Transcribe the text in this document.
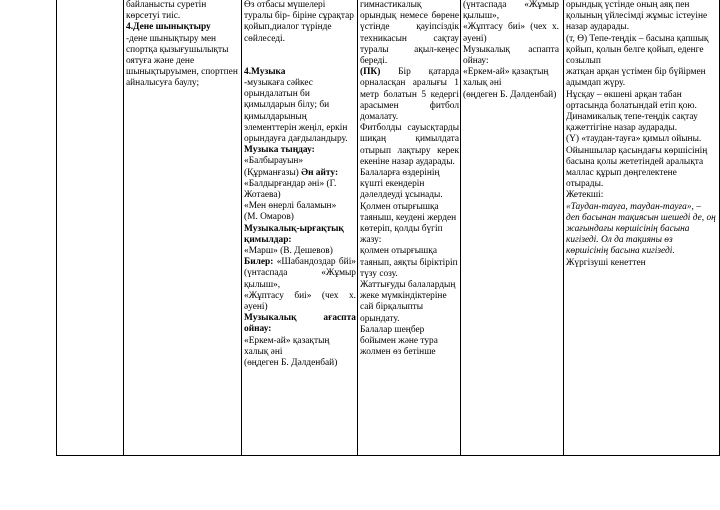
байланысты суретін көрсетуі тиіс.

4.Дене шынықтыру

-дене шынықтыру мен спортқа қызығушылықты оятуға және дене шынықтыруымен, спортпен айналысуға баулу;

Өз отбасы мүшелері туралы бір- біріне сұрақтар қойып,диалог түрінде сөйлеседі.

4.Музыка

-музыкаға сәйкес орындалатын би қимылдарын білу; би қимылдарының элементтерін жеңіл, еркін орындауға дағдыландыру.

Музыка тыңдау:

«Балбырауын»

(Құрманғазы) Ән айту:

«Балдырғандар әні» (Г. Жотаева)

«Мен өнерлі баламын»

(М. Омаров)

Музыкалық-ырғақтық қимылдар:

«Марш» (В. Дешевов)

Билер: «Шабандоздар бйі» (үнтаспада «Жұмыр қылыш»,

«Жұптасу биі» (чех х. әуені)

Музыкалық ағаспта ойнау:

«Еркем-ай» қазақтың халық әні

(өңдеген Б. Дәлденбай)

гимнастикалық орындық немесе бөрене үстінде қауіпсіздік техникасын сақтау туралы ақыл-кеңес береді.

(ПК) Бір қатарда орналасқан аралығы 1 метр болатын 5 кедергі арасымен фитбол домалату.

Фитболды сауысқтарды шиқаң қимылдата отырып лақтыру керек екеніне назар аударады.

Балаларға өздерінің күшті екендерін дәлелдеуді ұсынады.

Қолмен отырғышқа таяныш, кеудені жерден көтеріп, қолды бүгіп жазу:

қолмен отырғышқа таянып, аяқты біріктіріп түзу созу.

Жаттығуды балалардың жеке мүмкіндіктеріне сай бірқалыпты орындату.

Балалар шеңбер бойымен және тура жолмен өз бетінше

(үнтаспада «Жұмыр қылыш»,

«Жұптасу биі» (чех х. әуені)

Музыкалық аспапта ойнау:

«Еркем-ай» қазақтың халық әні

(өңдеген Б. Дәлденбай)

орындық үстінде оның аяқ пен қолының үйлесімді жұмыс істеуіне назар аударады.

(т, Ө) Тепе-теңдік – басына қапшық қойып, қолын белге қойып, еденге созылып

жатқан арқан үстімен бір бүйірмен адымдап жүру.

Нұсқау – өкшені арқан табан

ортасында болатындай етіп қою.

Динамикалық тепе-теңдік сақтау қажеттігіне назар аударады.

(Ү) «таудан-тауға» қимыл ойыны.

Ойыншылар қасындағы көршісінің басына қолы жететіндей аралықта маллас құрып дөңгелектене отырады.

Жетекші:

«Таудан-тауға, таудан-тауға», – деп басынан тақиясын шешеді де, оң жағындағы көршісінің басына кигізеді. Ол да тақияны өз көршісінің басына кигізеді.

Жүргізуші кенеттен
